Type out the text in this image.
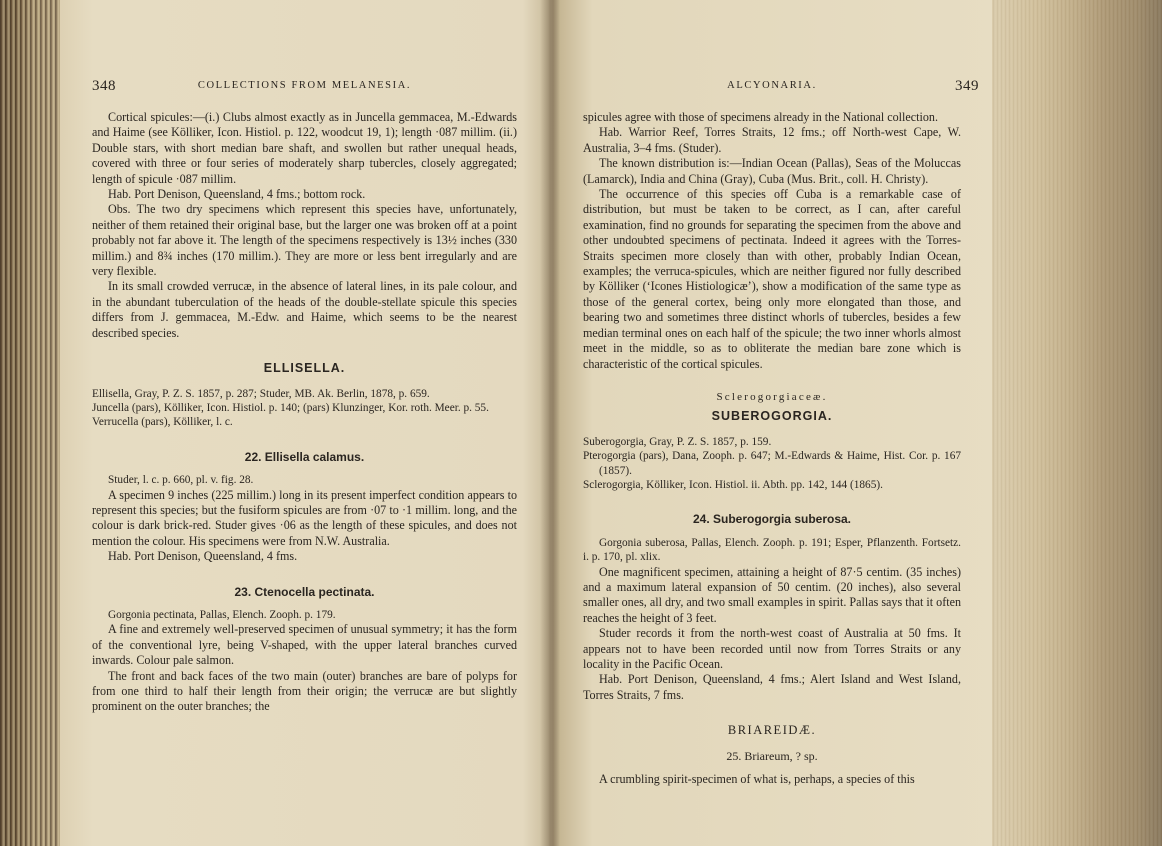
348	COLLECTIONS FROM MELANESIA.

Cortical spicules:—(i.) Clubs almost exactly as in Juncella gemmacea, M.-Edwards and Haime (see Kölliker, Icon. Histiol. p. 122, woodcut 19, 1); length ·087 millim. (ii.) Double stars, with short median bare shaft, and swollen but rather unequal heads, covered with three or four series of moderately sharp tubercles, closely aggregated; length of spicule ·087 millim.

Hab. Port Denison, Queensland, 4 fms.; bottom rock.

Obs. The two dry specimens which represent this species have, unfortunately, neither of them retained their original base, but the larger one was broken off at a point probably not far above it. The length of the specimens respectively is 13½ inches (330 millim.) and 8¾ inches (170 millim.). They are more or less bent irregularly and are very flexible.

In its small crowded verrucæ, in the absence of lateral lines, in its pale colour, and in the abundant tuberculation of the heads of the double-stellate spicule this species differs from J. gemmacea, M.-Edw. and Haime, which seems to be the nearest described species.

ELLISELLA.

Ellisella, Gray, P. Z. S. 1857, p. 287; Studer, MB. Ak. Berlin, 1878, p. 659.

Juncella (pars), Kölliker, Icon. Histiol. p. 140; (pars) Klunzinger, Kor. roth. Meer. p. 55.

Verrucella (pars), Kölliker, l. c.

22. Ellisella calamus.

Studer, l. c. p. 660, pl. v. fig. 28.

A specimen 9 inches (225 millim.) long in its present imperfect condition appears to represent this species; but the fusiform spicules are from ·07 to ·1 millim. long, and the colour is dark brick-red. Studer gives ·06 as the length of these spicules, and does not mention the colour. His specimens were from N.W. Australia.

Hab. Port Denison, Queensland, 4 fms.

23. Ctenocella pectinata.

Gorgonia pectinata, Pallas, Elench. Zooph. p. 179.

A fine and extremely well-preserved specimen of unusual symmetry; it has the form of the conventional lyre, being V-shaped, with the upper lateral branches curved inwards. Colour pale salmon.

The front and back faces of the two main (outer) branches are bare of polyps for from one third to half their length from their origin; the verrucæ are but slightly prominent on the outer branches; the

ALCYONARIA.	349

spicules agree with those of specimens already in the National collection.

Hab. Warrior Reef, Torres Straits, 12 fms.; off North-west Cape, W. Australia, 3–4 fms. (Studer).

The known distribution is:—Indian Ocean (Pallas), Seas of the Moluccas (Lamarck), India and China (Gray), Cuba (Mus. Brit., coll. H. Christy).

The occurrence of this species off Cuba is a remarkable case of distribution, but must be taken to be correct, as I can, after careful examination, find no grounds for separating the specimen from the above and other undoubted specimens of pectinata. Indeed it agrees with the Torres-Straits specimen more closely than with other, probably Indian Ocean, examples; the verruca-spicules, which are neither figured nor fully described by Kölliker (‘Icones Histiologicæ’), show a modification of the same type as those of the general cortex, being only more elongated than those, and bearing two and sometimes three distinct whorls of tubercles, besides a few median terminal ones on each half of the spicule; the two inner whorls almost meet in the middle, so as to obliterate the median bare zone which is characteristic of the cortical spicules.

Sclerogorgiaceæ.
SUBEROGORGIA.

Suberogorgia, Gray, P. Z. S. 1857, p. 159.

Pterogorgia (pars), Dana, Zooph. p. 647; M.-Edwards & Haime, Hist. Cor. p. 167 (1857).

Sclerogorgia, Kölliker, Icon. Histiol. ii. Abth. pp. 142, 144 (1865).

24. Suberogorgia suberosa.

Gorgonia suberosa, Pallas, Elench. Zooph. p. 191; Esper, Pflanzenth. Fortsetz. i. p. 170, pl. xlix.

One magnificent specimen, attaining a height of 87·5 centim. (35 inches) and a maximum lateral expansion of 50 centim. (20 inches), also several smaller ones, all dry, and two small examples in spirit. Pallas says that it often reaches the height of 3 feet.

Studer records it from the north-west coast of Australia at 50 fms. It appears not to have been recorded until now from Torres Straits or any locality in the Pacific Ocean.

Hab. Port Denison, Queensland, 4 fms.; Alert Island and West Island, Torres Straits, 7 fms.

BRIAREIDÆ.
25. Briareum, ? sp.

A crumbling spirit-specimen of what is, perhaps, a species of this
